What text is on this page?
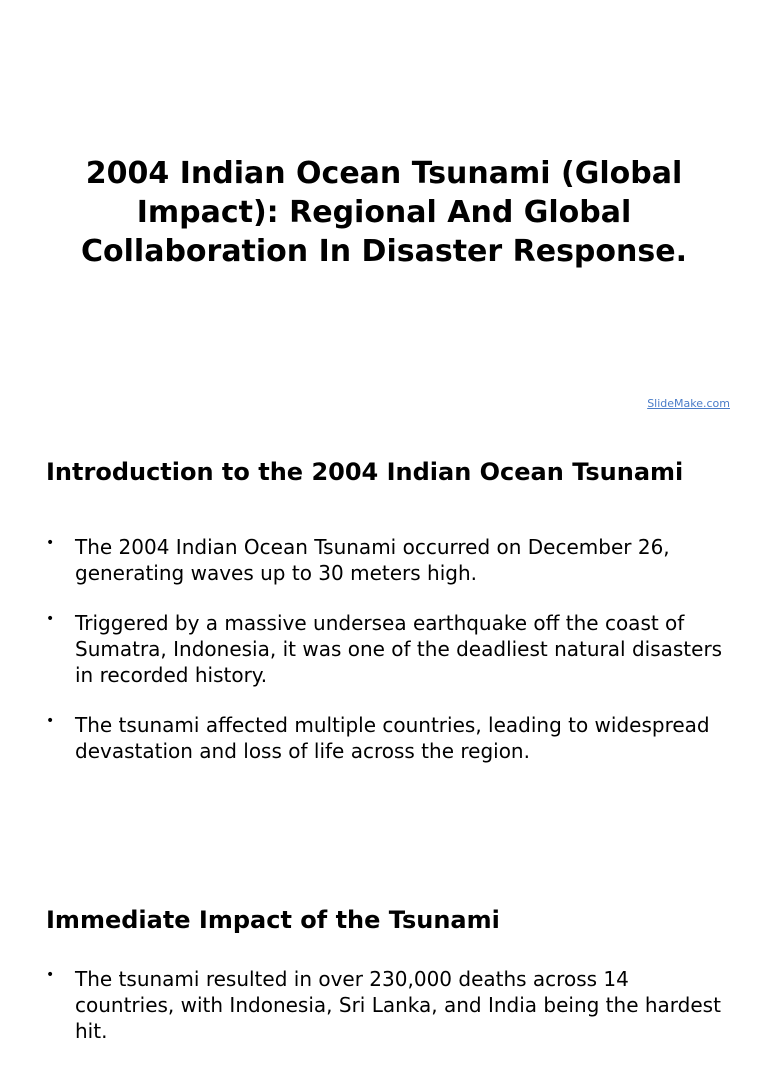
2004 Indian Ocean Tsunami (Global Impact): Regional And Global Collaboration In Disaster Response.
SlideMake.com
Introduction to the 2004 Indian Ocean Tsunami
• The 2004 Indian Ocean Tsunami occurred on December 26, generating waves up to 30 meters high.
• Triggered by a massive undersea earthquake off the coast of Sumatra, Indonesia, it was one of the deadliest natural disasters in recorded history.
• The tsunami affected multiple countries, leading to widespread devastation and loss of life across the region.
Immediate Impact of the Tsunami
• The tsunami resulted in over 230,000 deaths across 14 countries, with Indonesia, Sri Lanka, and India being the hardest hit.
